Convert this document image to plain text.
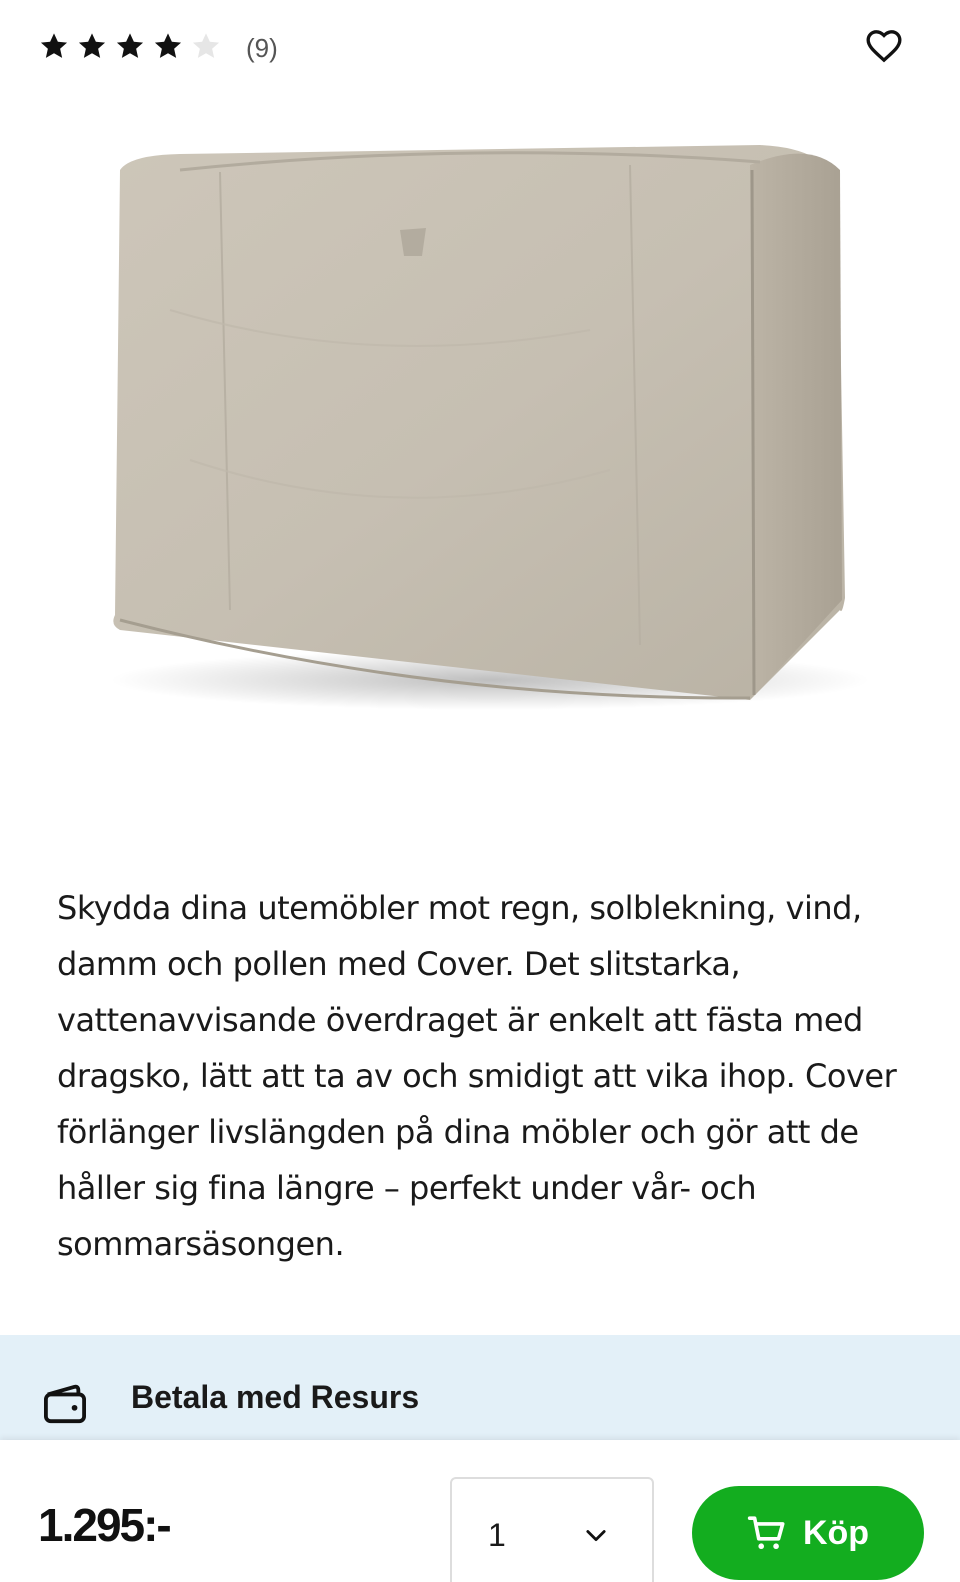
(9)
Skydda dina utemöbler mot regn, solblekning, vind, damm och pollen med Cover. Det slitstarka, vattenavvisande överdraget är enkelt att fästa med dragsko, lätt att ta av och smidigt att vika ihop. Cover förlänger livslängden på dina möbler och gör att de håller sig fina längre – perfekt under vår- och sommarsäsongen.
Betala med Resurs
1.295:-	1	Köp
